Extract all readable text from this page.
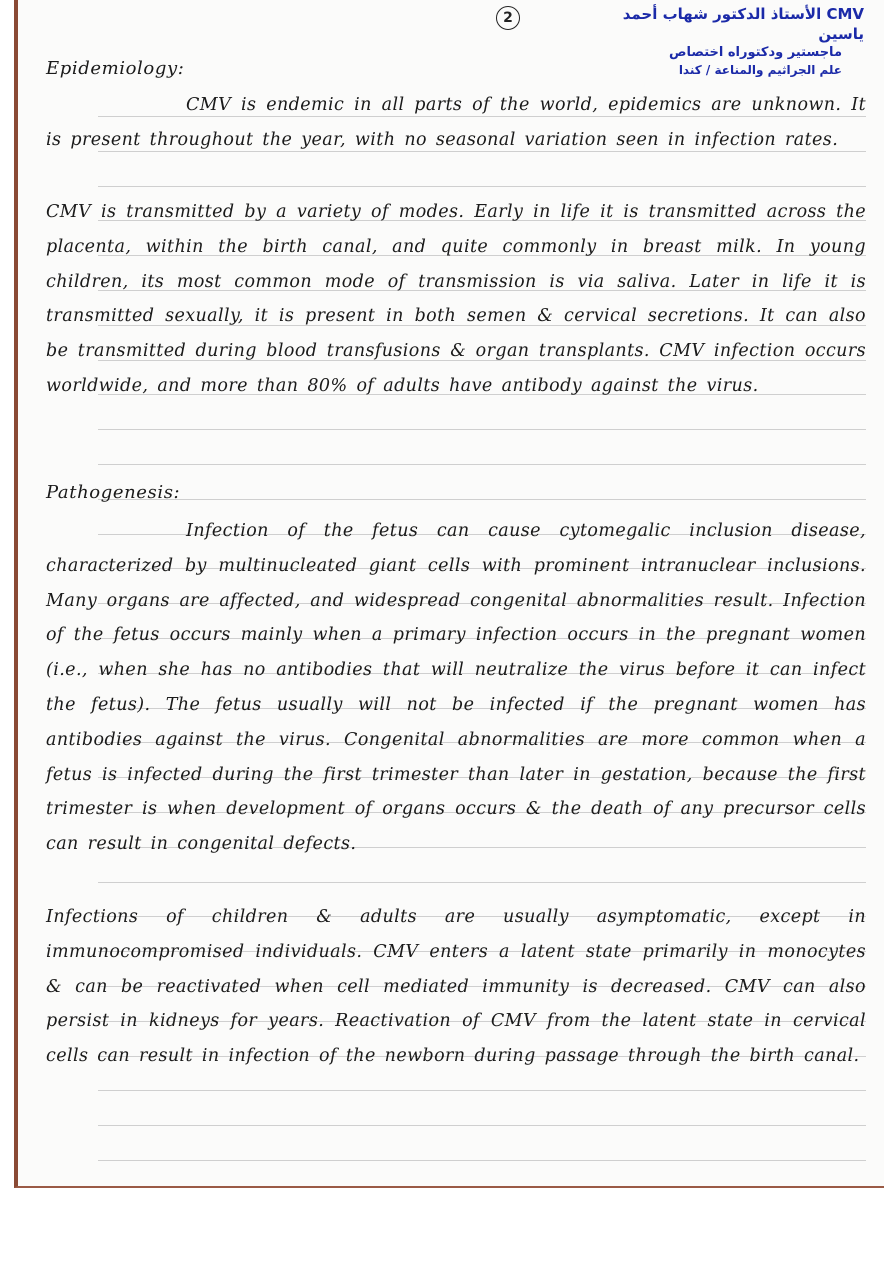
2	CMV الأستاذ الدكتور شهاب أحمد ياسين
ماجستير ودكتوراه اختصاص
علم الجراثيم والمناعة / كندا

Epidemiology:

CMV is endemic in all parts of the world, epidemics are unknown. It is present throughout the year, with no seasonal variation seen in infection rates.

CMV is transmitted by a variety of modes. Early in life it is transmitted across the placenta, within the birth canal, and quite commonly in breast milk. In young children, its most common mode of transmission is via saliva. Later in life it is transmitted sexually, it is present in both semen & cervical secretions. It can also be transmitted during blood transfusions & organ transplants. CMV infection occurs worldwide, and more than 80% of adults have antibody against the virus.

Pathogenesis:

Infection of the fetus can cause cytomegalic inclusion disease, characterized by multinucleated giant cells with prominent intranuclear inclusions. Many organs are affected, and widespread congenital abnormalities result. Infection of the fetus occurs mainly when a primary infection occurs in the pregnant women (i.e., when she has no antibodies that will neutralize the virus before it can infect the fetus). The fetus usually will not be infected if the pregnant women has antibodies against the virus. Congenital abnormalities are more common when a fetus is infected during the first trimester than later in gestation, because the first trimester is when development of organs occurs & the death of any precursor cells can result in congenital defects.

Infections of children & adults are usually asymptomatic, except in immunocompromised individuals. CMV enters a latent state primarily in monocytes & can be reactivated when cell mediated immunity is decreased. CMV can also persist in kidneys for years. Reactivation of CMV from the latent state in cervical cells can result in infection of the newborn during passage through the birth canal.
